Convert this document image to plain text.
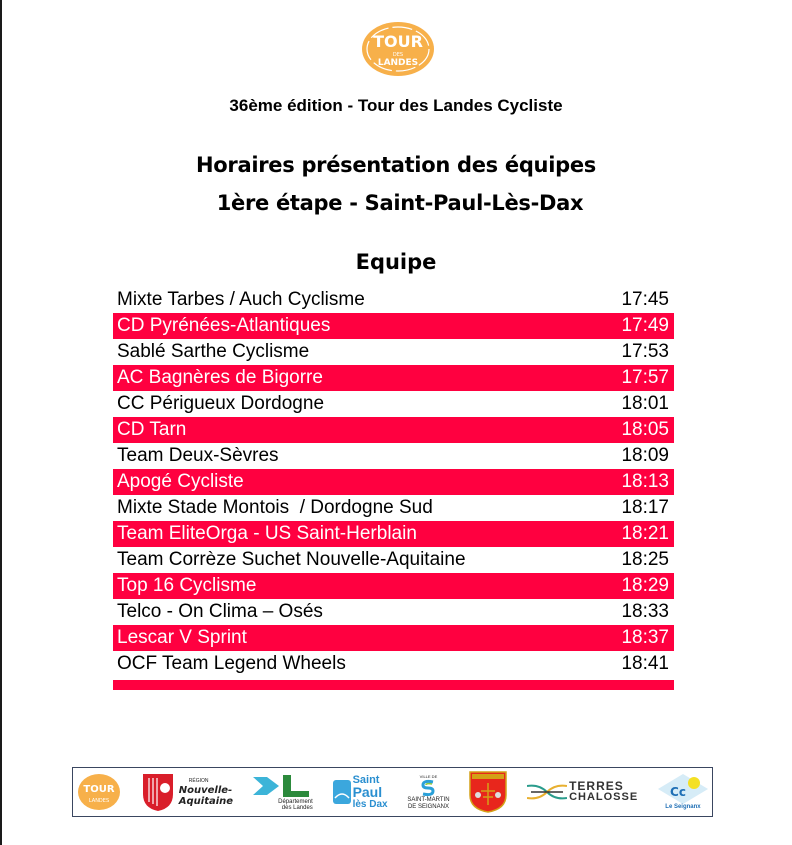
TOUR
DES
LANDES
36ème édition - Tour des Landes Cycliste
Horaires présentation des équipes
1ère étape - Saint-Paul-Lès-Dax
Equipe
Mixte Tarbes / Auch Cyclisme	17:45
CD Pyrénées-Atlantiques	17:49
Sablé Sarthe Cyclisme	17:53
AC Bagnères de Bigorre	17:57
CC Périgueux Dordogne	18:01
CD Tarn	18:05
Team Deux-Sèvres	18:09
Apogé Cycliste	18:13
Mixte Stade Montois  / Dordogne Sud	18:17
Team EliteOrga - US Saint-Herblain	18:21
Team Corrèze Suchet Nouvelle-Aquitaine	18:25
Top 16 Cyclisme	18:29
Telco - On Clima – Osés	18:33
Lescar V Sprint	18:37
OCF Team Legend Wheels	18:41
TOUR
LANDES
RÉGION
Nouvelle-
Aquitaine	Département
des Landes
Saint
Paul
lès Dax
VILLE DE
SAINT-MARTIN
DE SEIGNANX
TERRES
CHALOSSE	Cc
Le Seignanx
